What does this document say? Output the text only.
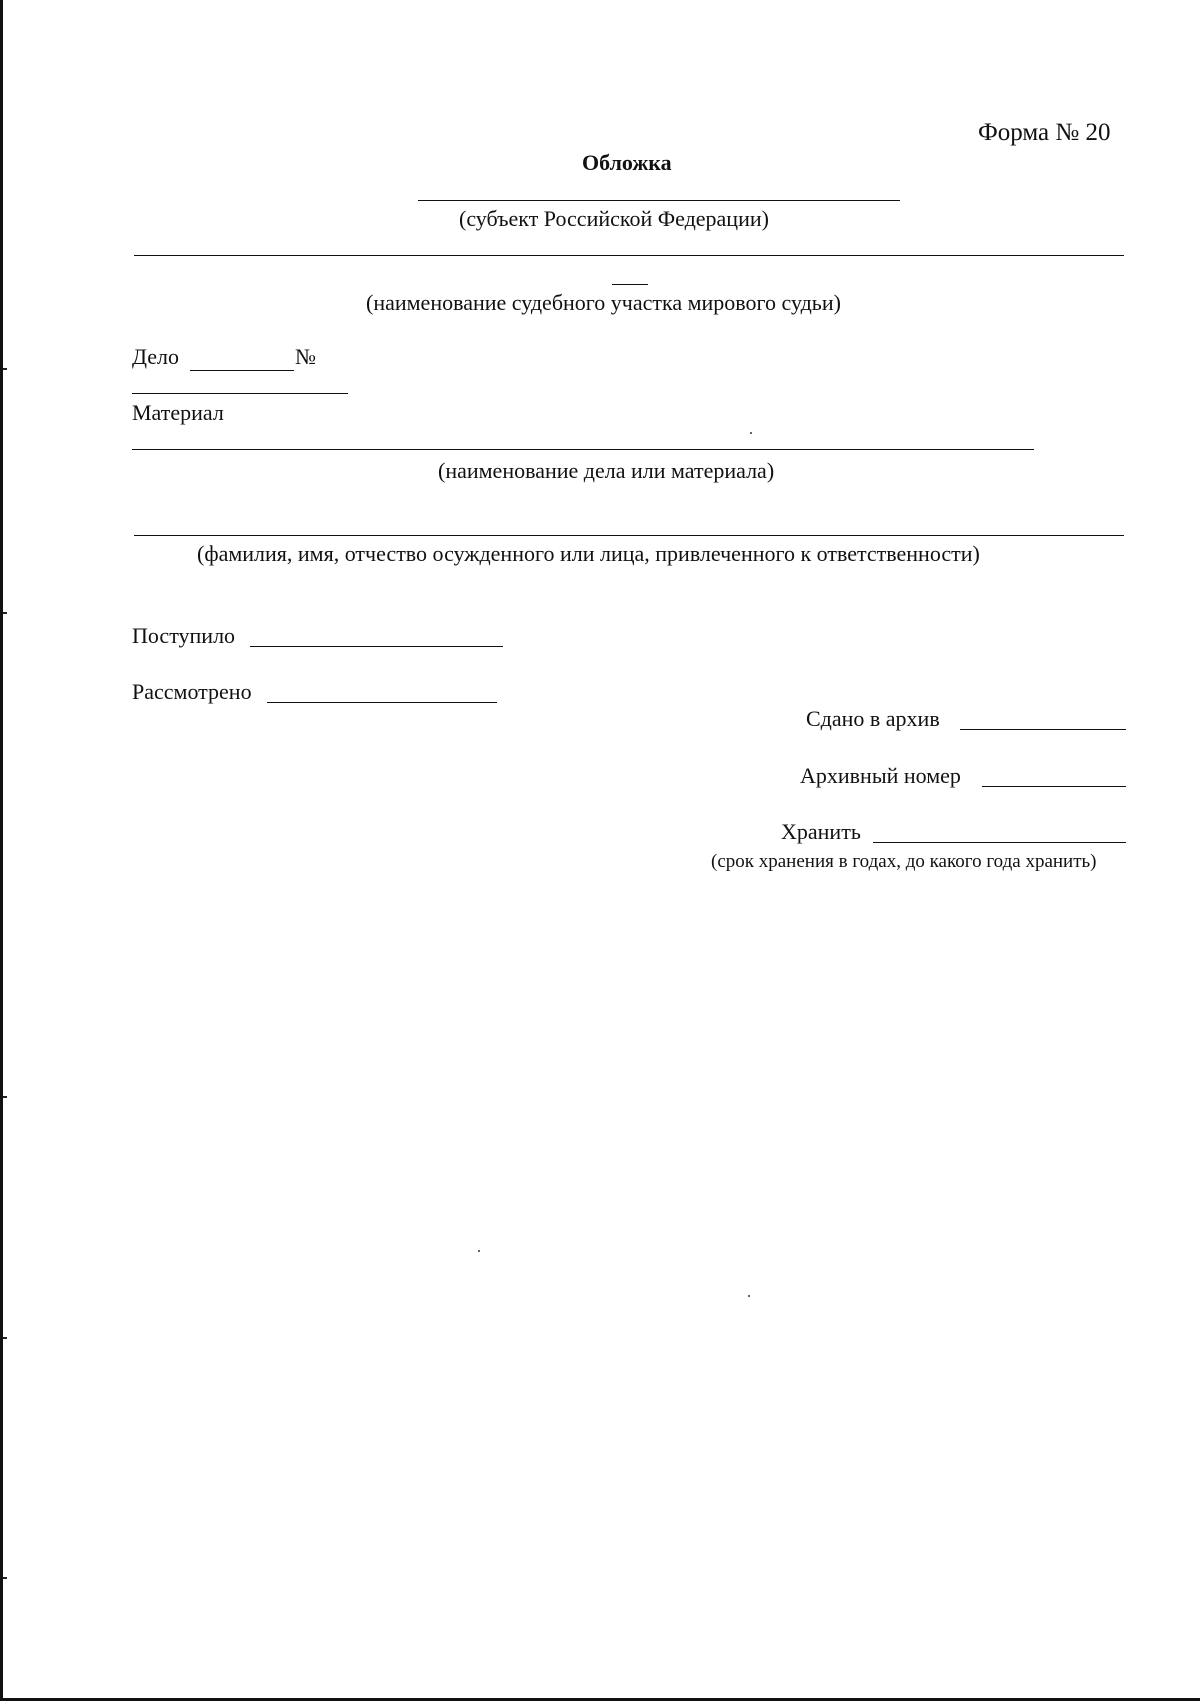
Форма № 20
Обложка
(субъект Российской Федерации)
(наименование судебного участка мирового судьи)
Дело	№
Материал
(наименование дела или материала)
(фамилия, имя, отчество осужденного или лица, привлеченного к ответственности)
Поступило
Рассмотрено
Сдано в архив
Архивный номер
Хранить
(срок хранения в годах, до какого года хранить)
